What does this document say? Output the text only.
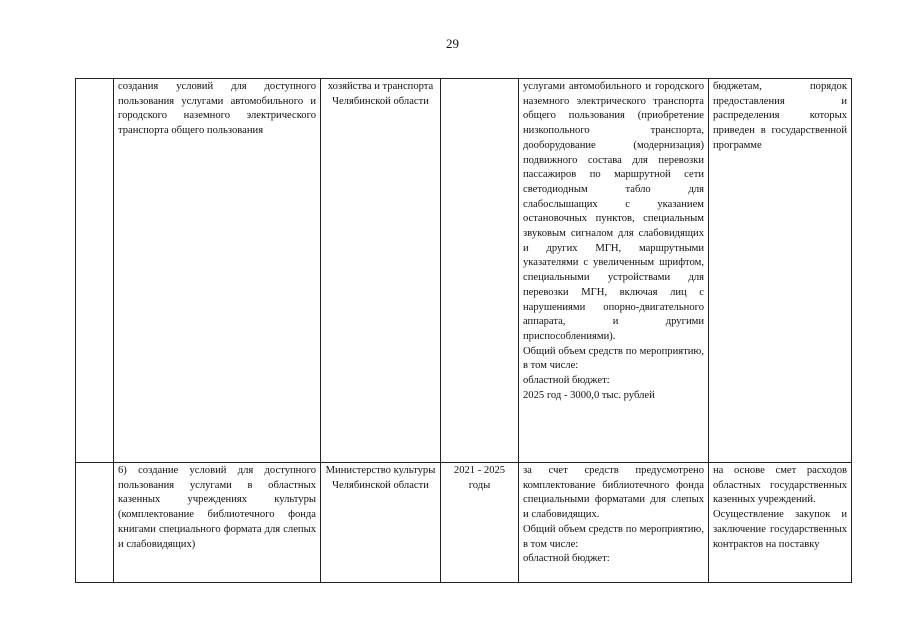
29
	создания условий для доступного пользования услугами автомобильного и городского наземного электрического транспорта общего пользования	хозяйства и транспорта Челябинской области		услугами автомобильного и городского наземного электрического транспорта общего пользования (приобретение низкопольного транспорта, дооборудование (модернизация) подвижного состава для перевозки пассажиров по маршрутной сети светодиодным табло для слабослышащих с указанием остановочных пунктов, специальным звуковым сигналом для слабовидящих и других МГН, маршрутными указателями с увеличенным шрифтом, специальными устройствами для перевозки МГН, включая лиц с нарушениями опорно-двигательного аппарата, и другими приспособлениями).
Общий объем средств по мероприятию, в том числе:
областной бюджет:
2025 год - 3000,0 тыс. рублей	бюджетам, порядок предоставления и распределения которых приведен в государственной программе
	6) создание условий для доступного пользования услугами в областных казенных учреждениях культуры (комплектование библиотечного фонда книгами специального формата для слепых и слабовидящих)	Министерство культуры Челябинской области	2021 - 2025 годы	за счет средств предусмотрено комплектование библиотечного фонда специальными форматами для слепых и слабовидящих.
Общий объем средств по мероприятию, в том числе:
областной бюджет:	на основе смет расходов областных государственных казенных учреждений.
Осуществление закупок и заключение государственных контрактов на поставку
